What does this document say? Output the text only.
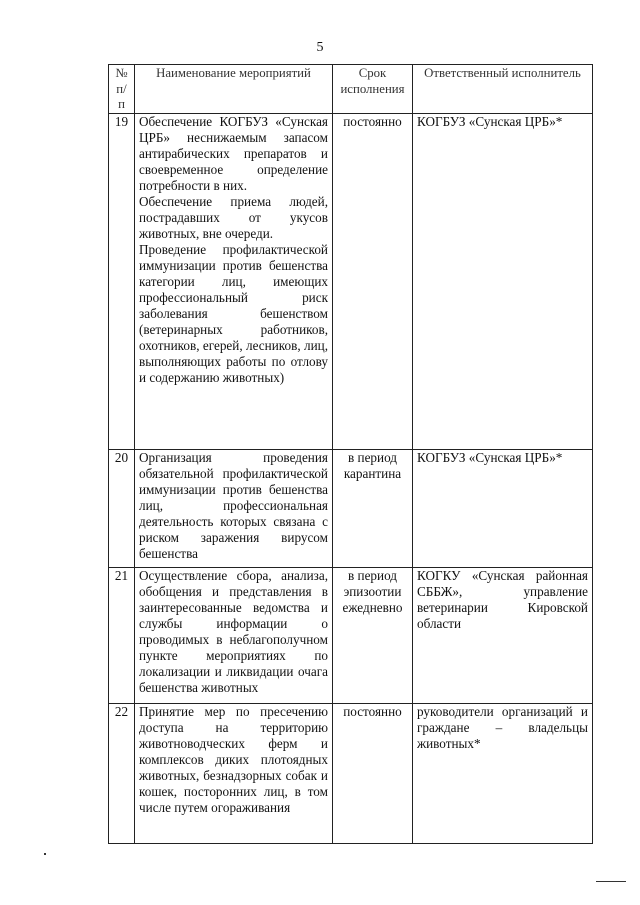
5
№ п/п	Наименование мероприятий	Срок исполнения	Ответственный исполнитель
19	Обеспечение КОГБУЗ «Сунская ЦРБ» неснижаемым запасом антирабических препаратов и своевременное определение потребности в них.
Обеспечение приема людей, пострадавших от укусов животных, вне очереди.
Проведение профилактической иммунизации против бешенства категории лиц, имеющих профессиональный риск заболевания бешенством (ветеринарных работников, охотников, егерей, лесников, лиц, выполняющих работы по отлову и содержанию животных)	постоянно	КОГБУЗ «Сунская ЦРБ»*
20	Организация проведения обязательной профилактической иммунизации против бешенства лиц, профессиональная деятельность которых связана с риском заражения вирусом бешенства	в период карантина	КОГБУЗ «Сунская ЦРБ»*
21	Осуществление сбора, анализа, обобщения и представления в заинтересованные ведомства и службы информации о проводимых в неблагополучном пункте мероприятиях по локализации и ликвидации очага бешенства животных	в период эпизоотии ежедневно	КОГКУ «Сунская районная СББЖ», управление ветеринарии Кировской области
22	Принятие мер по пресечению доступа на территорию животноводческих ферм и комплексов диких плотоядных животных, безнадзорных собак и кошек, посторонних лиц, в том числе путем огораживания	постоянно	руководители организаций и граждане – владельцы животных*
